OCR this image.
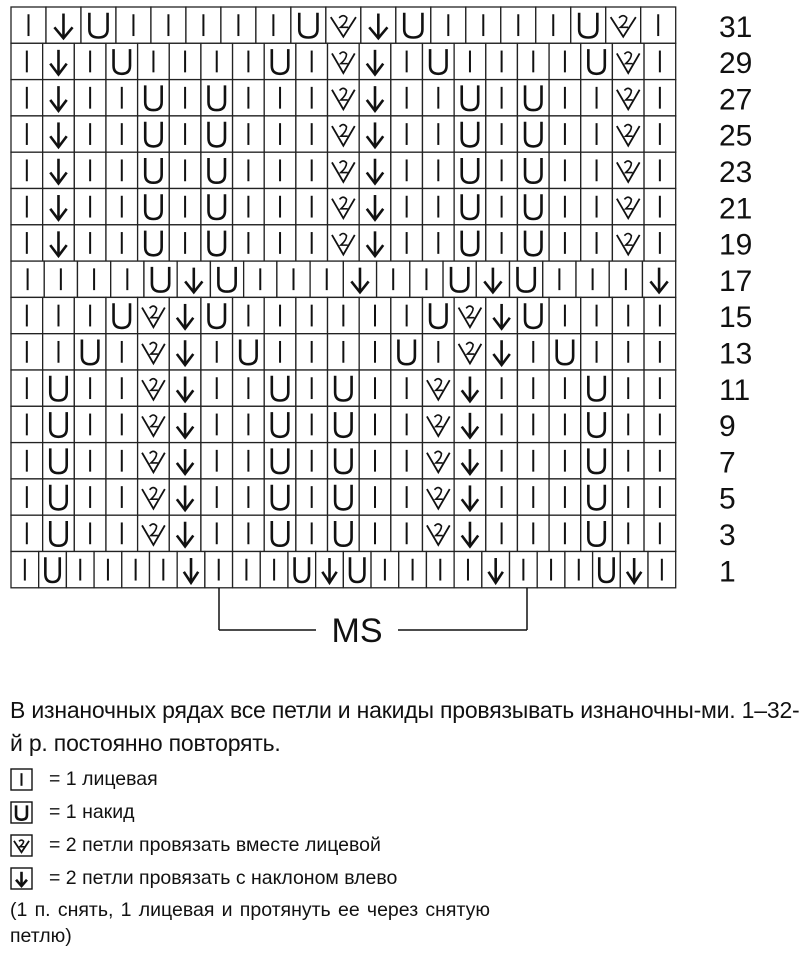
31
29
27
25
23
21
19
17
15
13
11
9
7
5
3
1
MS
В изнаночных рядах все петли и накиды провязывать изнаночны-ми. 1–32-й р. постоянно повторять.
= 1 лицевая
= 1 накид
= 2 петли провязать вместе лицевой
= 2 петли провязать с наклоном влево
(1 п. снять, 1 лицевая и протянуть ее через снятую петлю)
